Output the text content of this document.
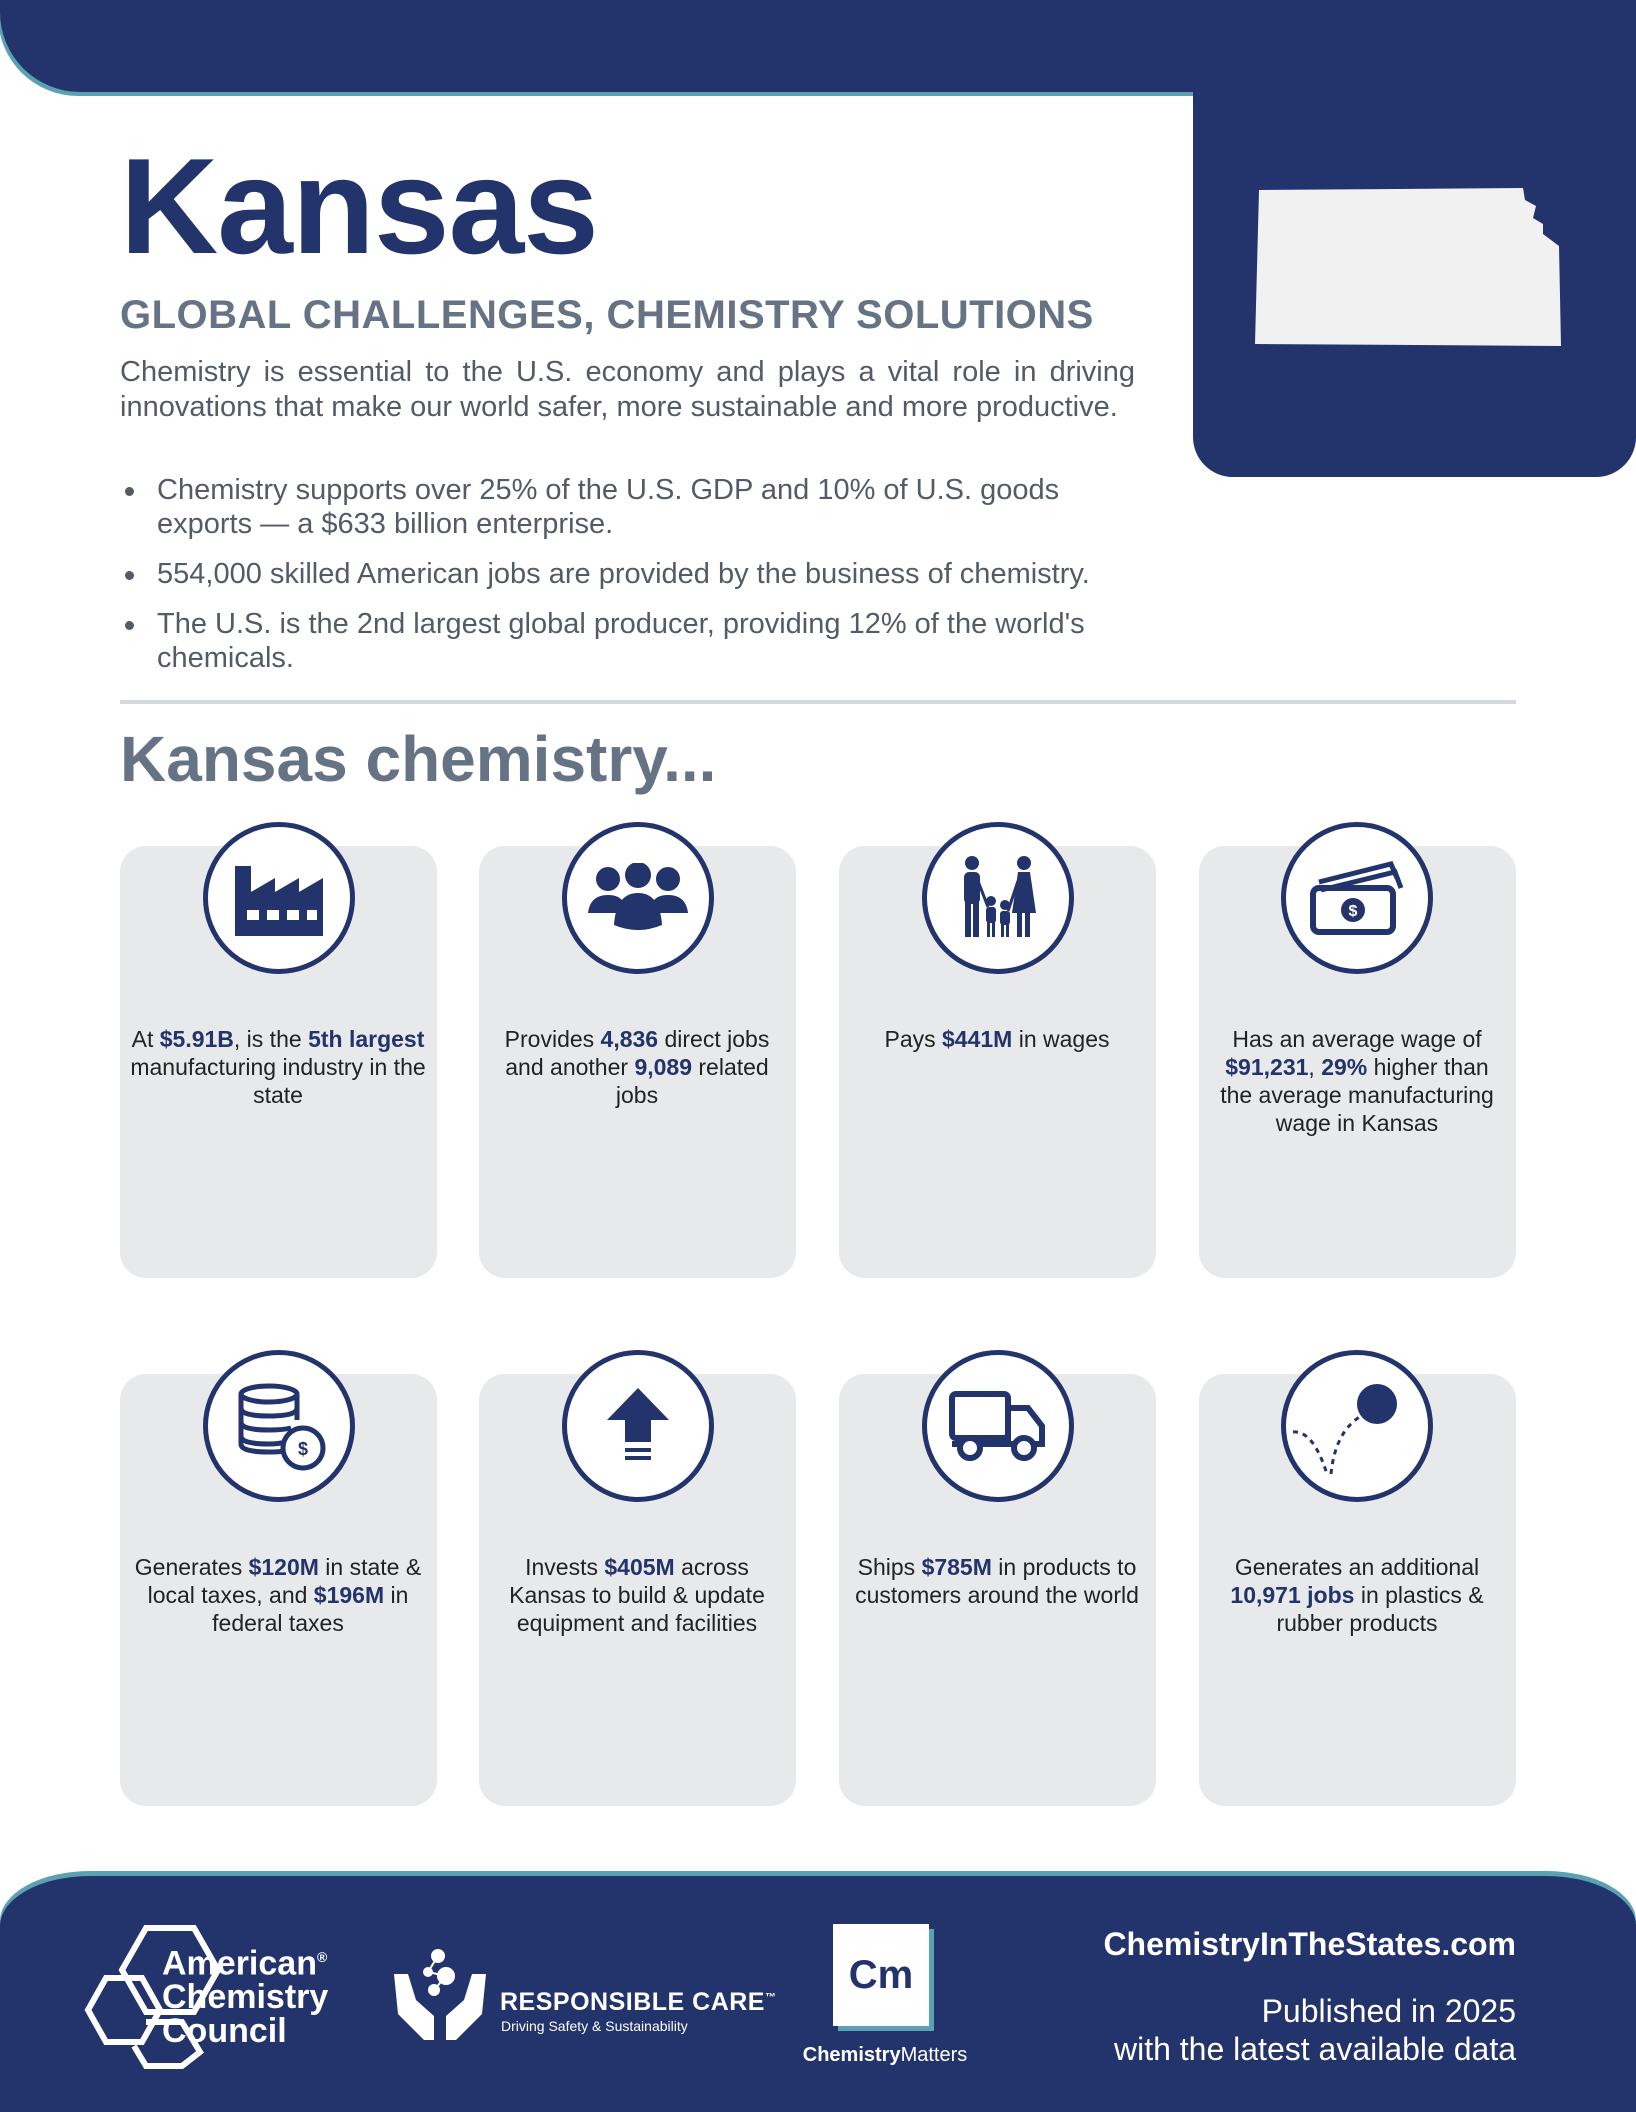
Kansas
GLOBAL CHALLENGES, CHEMISTRY SOLUTIONS

Chemistry is essential to the U.S. economy and plays a vital role in driving innovations that make our world safer, more sustainable and more productive.

Chemistry supports over 25% of the U.S. GDP and 10% of U.S. goods exports — a $633 billion enterprise.
554,000 skilled American jobs are provided by the business of chemistry.
The U.S. is the 2nd largest global producer, providing 12% of the world's chemicals.
Kansas chemistry...
$
$
At $5.91B, is the 5th largest manufacturing industry in the state
Provides 4,836 direct jobs and another 9,089 related jobs
Pays $441M in wages	Has an average wage of $91,231, 29% higher than the average manufacturing wage in Kansas
Generates $120M in state & local taxes, and $196M in federal taxes
Invests $405M across Kansas to build & update equipment and facilities
Ships $785M in products to customers around the world
Generates an additional 10,971 jobs in plastics & rubber products
American®
Chemistry
Council
RESPONSIBLE CARE™
Driving Safety & Sustainability
Cm
ChemistryMatters
ChemistryInTheStates.com
Published in 2025
with the latest available data
